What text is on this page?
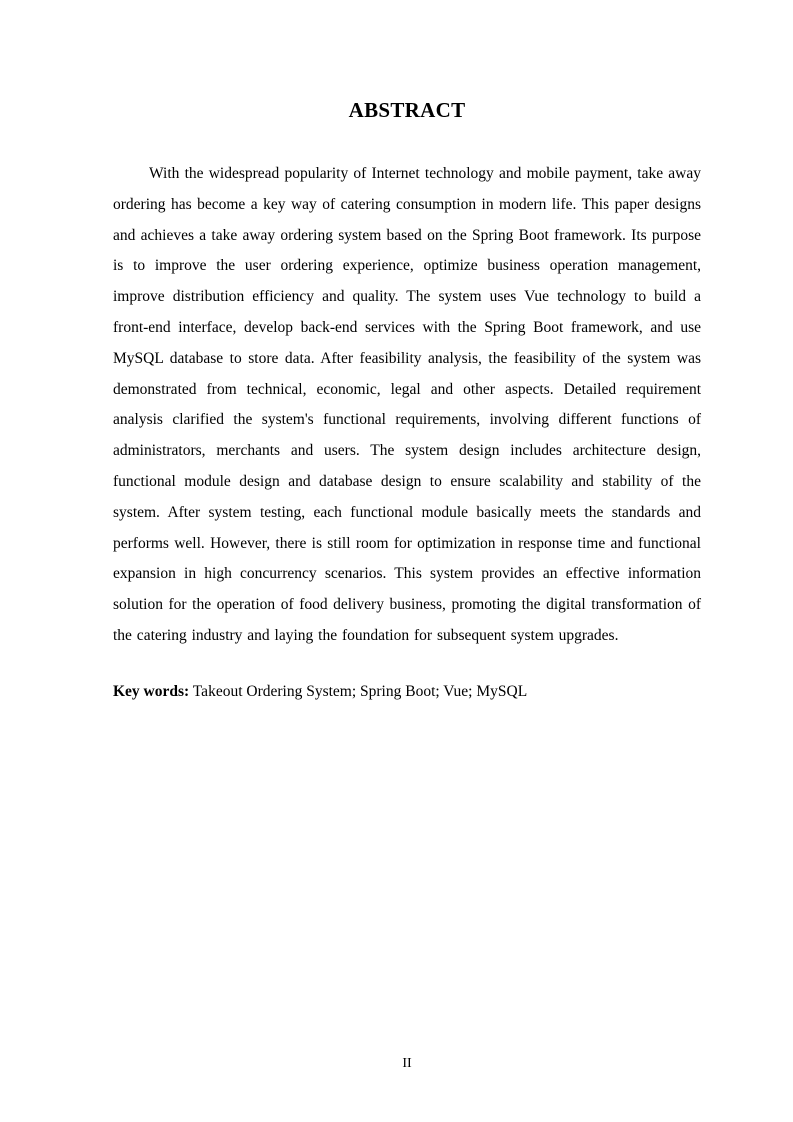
ABSTRACT

With the widespread popularity of Internet technology and mobile payment, take away ordering has become a key way of catering consumption in modern life. This paper designs and achieves a take away ordering system based on the Spring Boot framework. Its purpose is to improve the user ordering experience, optimize business operation management, improve distribution efficiency and quality. The system uses Vue technology to build a front-end interface, develop back-end services with the Spring Boot framework, and use MySQL database to store data. After feasibility analysis, the feasibility of the system was demonstrated from technical, economic, legal and other aspects. Detailed requirement analysis clarified the system's functional requirements, involving different functions of administrators, merchants and users. The system design includes architecture design, functional module design and database design to ensure scalability and stability of the system. After system testing, each functional module basically meets the standards and performs well. However, there is still room for optimization in response time and functional expansion in high concurrency scenarios. This system provides an effective information solution for the operation of food delivery business, promoting the digital transformation of the catering industry and laying the foundation for subsequent system upgrades.

Key words: Takeout Ordering System; Spring Boot; Vue; MySQL

II
